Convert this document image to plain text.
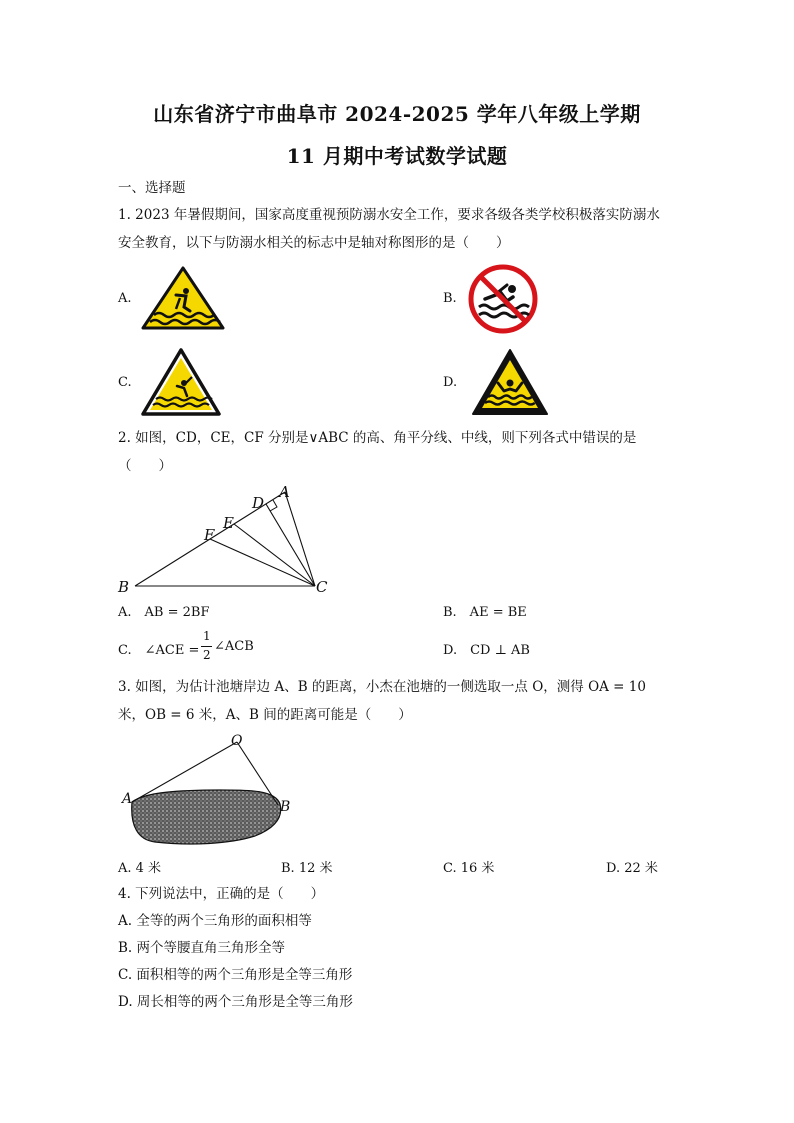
山东省济宁市曲阜市 2024-2025 学年八年级上学期
11 月期中考试数学试题
一、选择题
1. 2023 年暑假期间，国家高度重视预防溺水安全工作，要求各级各类学校积极落实防溺水
安全教育，以下与防溺水相关的标志中是轴对称图形的是（　　）
A.	B.
C.	D.
2. 如图，CD，CE，CF 分别是∨ABC 的高、角平分线、中线，则下列各式中错误的是
（　　）
B	C
A
D
E
F
A.　AB = 2BF	B.　AE = BE
C.　∠ACE =
1
2
∠ACB	D.　CD ⊥ AB
3. 如图，为估计池塘岸边 A、B 的距离，小杰在池塘的一侧选取一点 O，测得 OA = 10
米，OB = 6 米，A、B 间的距离可能是（　　）
O
A	B
A. 4 米	B. 12 米	C. 16 米	D. 22 米
4. 下列说法中，正确的是（　　）
A. 全等的两个三角形的面积相等
B. 两个等腰直角三角形全等
C. 面积相等的两个三角形是全等三角形
D. 周长相等的两个三角形是全等三角形
